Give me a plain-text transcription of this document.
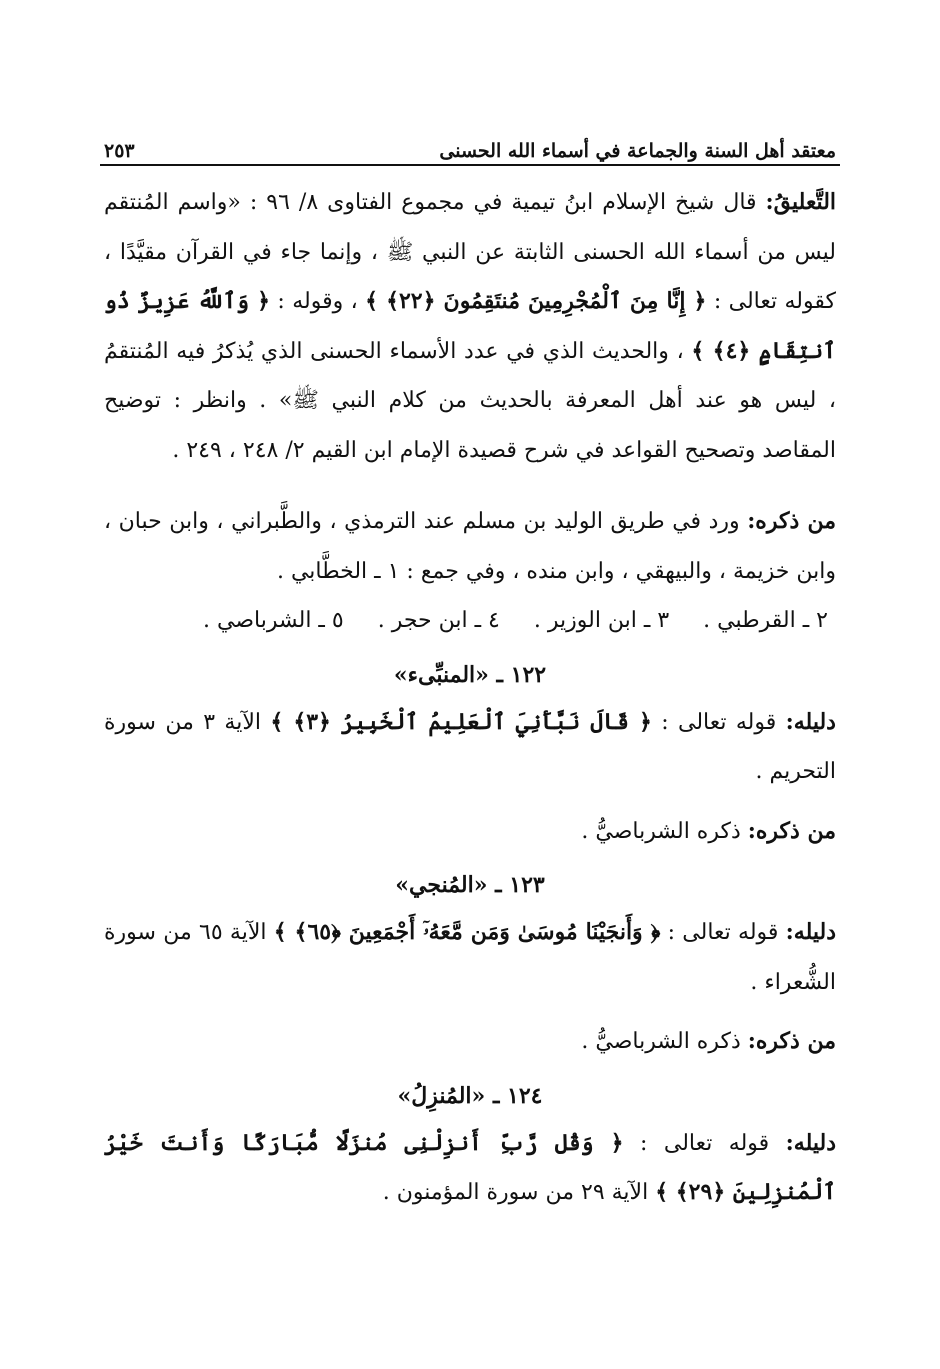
معتقد أهل السنة والجماعة في أسماء الله الحسنى
٢٥٣

التَّعليقُ: قال شيخ الإسلام ابنُ تيمية في مجموع الفتاوى ٨/ ٩٦ : «واسم المُنتقم ليس من أسماء الله الحسنى الثابتة عن النبي ﷺ ، وإنما جاء في القرآن مقيَّدًا ، كقوله تعالى : ﴿ إِنَّا مِنَ ٱلْمُجْرِمِينَ مُنتَقِمُونَ ﴿٢٢﴾ ﴾ ، وقوله : ﴿ وَٱللَّهُ عَزِيزٌ ذُو ٱنتِقَامٍ ﴿٤﴾ ﴾ ، والحديث الذي في عدد الأسماء الحسنى الذي يُذكرُ فيه المُنتقمُ ، ليس هو عند أهل المعرفة بالحديث من كلام النبي ﷺ» . وانظر : توضيح المقاصد وتصحيح القواعد في شرح قصيدة الإمام ابن القيم ٢/ ٢٤٨ ، ٢٤٩ .

من ذكره: ورد في طريق الوليد بن مسلم عند الترمذي ، والطَّبراني ، وابن حبان ، وابن خزيمة ، والبيهقي ، وابن منده ، وفي جمع : ١ ـ الخطَّابي .

٢ ـ القرطبي .
٣ ـ ابن الوزير .
٤ ـ ابن حجر .
٥ ـ الشرباصي .
١٢٢ ـ «المنبِّىء»

دليله: قوله تعالى : ﴿ قَالَ نَبَّأَنِيَ ٱلْعَلِيمُ ٱلْخَبِيرُ ﴿٣﴾ ﴾ الآية ٣ من سورة التحريم .

من ذكره: ذكره الشرباصيُّ .

١٢٣ ـ «المُنجي»

دليله: قوله تعالى : ﴿ وَأَنجَيْنَا مُوسَىٰ وَمَن مَّعَهُۥٓ أَجْمَعِينَ ﴿٦٥﴾ ﴾ الآية ٦٥ من سورة الشُّعراء .

من ذكره: ذكره الشرباصيُّ .

١٢٤ ـ «المُنزِلُ»

دليله: قوله تعالى : ﴿ وَقُل رَّبِّ أَنزِلْنِى مُنزَلًا مُّبَارَكًا وَأَنتَ خَيْرُ ٱلْمُنزِلِينَ ﴿٢٩﴾ ﴾ الآية ٢٩ من سورة المؤمنون .
